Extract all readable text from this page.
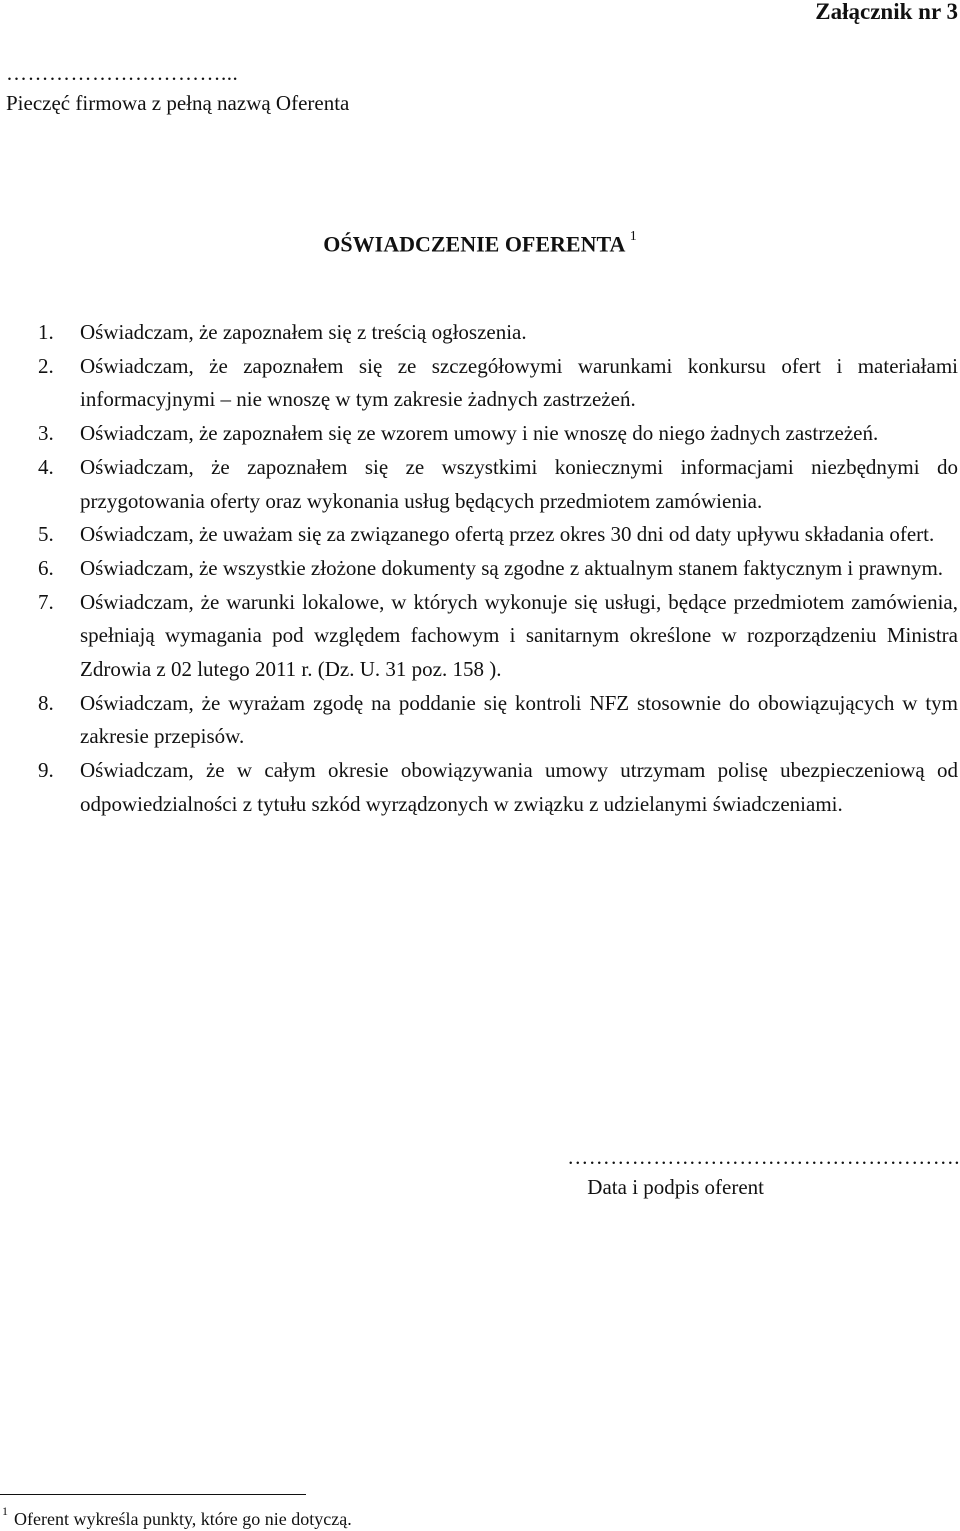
Załącznik nr 3
…………………………...
Pieczęć firmowa z pełną nazwą Oferenta
OŚWIADCZENIE OFERENTA $^1$
1. Oświadczam, że zapoznałem się z treścią ogłoszenia.
2. Oświadczam, że zapoznałem się ze szczegółowymi warunkami konkursu ofert i materiałami informacyjnymi – nie wnoszę w tym zakresie żadnych zastrzeżeń.
3. Oświadczam, że zapoznałem się ze wzorem umowy i nie wnoszę do niego żadnych zastrzeżeń.
4. Oświadczam, że zapoznałem się ze wszystkimi koniecznymi informacjami niezbędnymi do przygotowania oferty oraz wykonania usług będących przedmiotem zamówienia.
5. Oświadczam, że uważam się za związanego ofertą przez okres 30 dni od daty upływu składania ofert.
6. Oświadczam, że wszystkie złożone dokumenty są zgodne z aktualnym stanem faktycznym i prawnym.
7. Oświadczam, że warunki lokalowe, w których wykonuje się usługi, będące przedmiotem zamówienia, spełniają wymagania pod względem fachowym i sanitarnym określone w rozporządzeniu Ministra Zdrowia z 02 lutego 2011 r. (Dz. U. 31 poz. 158 ).
8. Oświadczam, że wyrażam zgodę na poddanie się kontroli NFZ stosownie do obowiązujących w tym zakresie przepisów.
9. Oświadczam, że w całym okresie obowiązywania umowy utrzymam polisę ubezpieczeniową od odpowiedzialności z tytułu szkód wyrządzonych w związku z udzielanymi świadczeniami.
……………………………………………….
Data i podpis oferent
$^1$ Oferent wykreśla punkty, które go nie dotyczą.
